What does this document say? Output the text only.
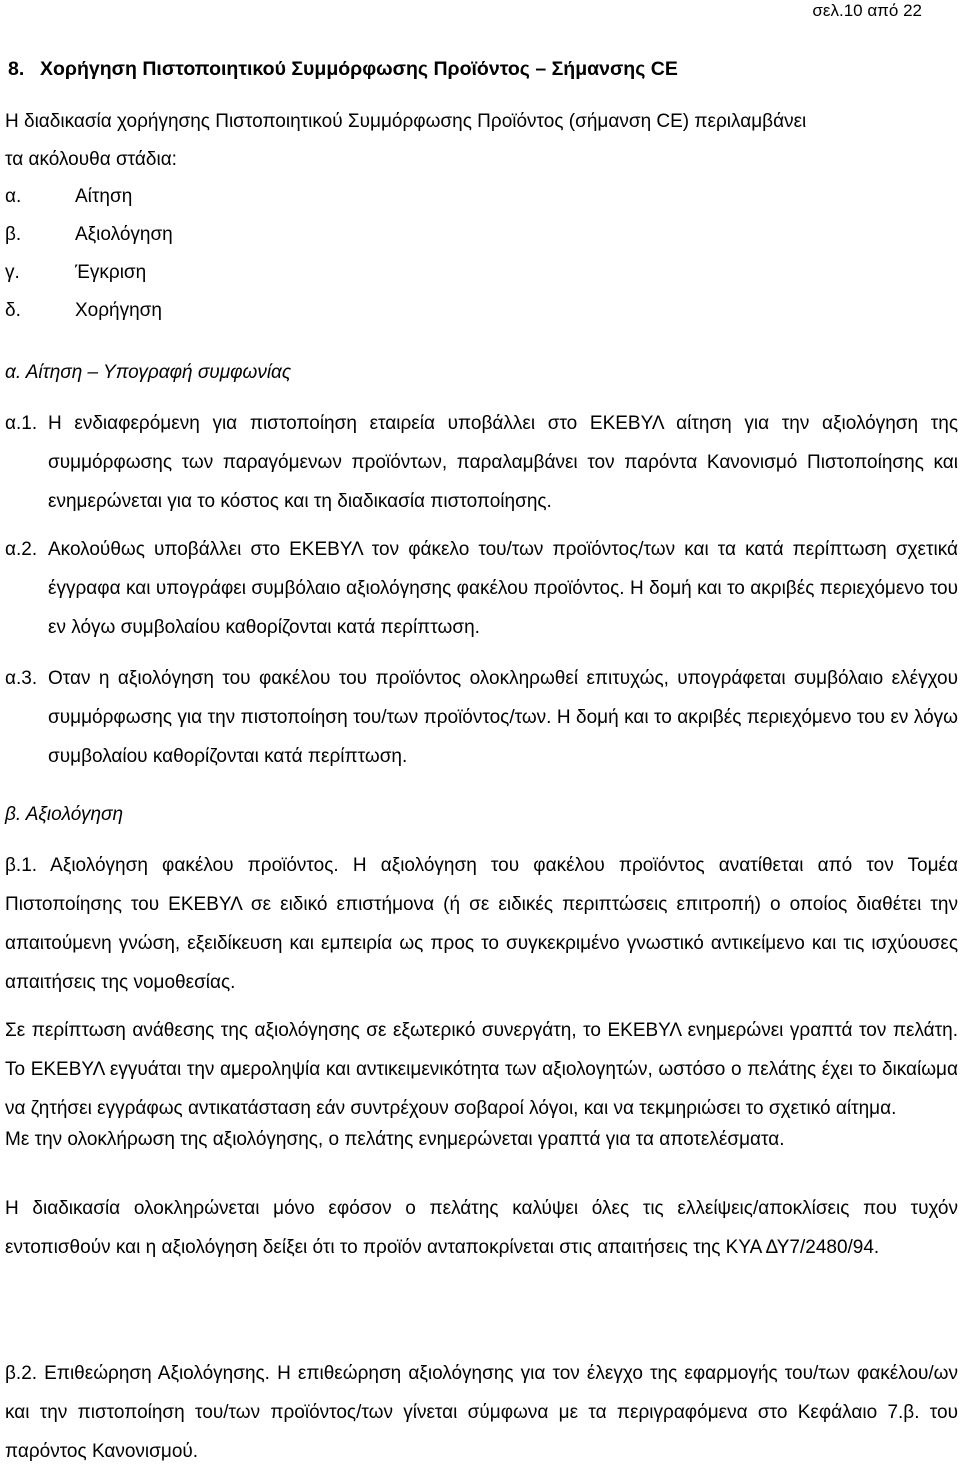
σελ.10 από 22
8. Χορήγηση Πιστοποιητικού Συμμόρφωσης Προϊόντος – Σήμανσης CE
Η διαδικασία χορήγησης Πιστοποιητικού Συμμόρφωσης Προϊόντος (σήμανση CE) περιλαμβάνει
τα ακόλουθα στάδια:
α.	Αίτηση
β.	Αξιολόγηση
γ.	Έγκριση
δ.	Χορήγηση
α. Αίτηση – Υπογραφή συμφωνίας
α.1. Η ενδιαφερόμενη για πιστοποίηση εταιρεία υποβάλλει στο ΕΚΕΒΥΛ αίτηση για την αξιολόγηση της συμμόρφωσης των παραγόμενων προϊόντων, παραλαμβάνει τον παρόντα Κανονισμό Πιστοποίησης και ενημερώνεται για το κόστος και τη διαδικασία πιστοποίησης.

α.2. Ακολούθως υποβάλλει στο ΕΚΕΒΥΛ τον φάκελο του/των προϊόντος/των και τα κατά περίπτωση σχετικά έγγραφα και υπογράφει συμβόλαιο αξιολόγησης φακέλου προϊόντος. Η δομή και το ακριβές περιεχόμενο του εν λόγω συμβολαίου καθορίζονται κατά περίπτωση.

α.3. Οταν η αξιολόγηση του φακέλου του προϊόντος ολοκληρωθεί επιτυχώς, υπογράφεται συμβόλαιο ελέγχου συμμόρφωσης για την πιστοποίηση του/των προϊόντος/των. Η δομή και το ακριβές περιεχόμενο του εν λόγω συμβολαίου καθορίζονται κατά περίπτωση.

β. Αξιολόγηση

β.1. Αξιολόγηση φακέλου προϊόντος. Η αξιολόγηση του φακέλου προϊόντος ανατίθεται από τον Τομέα Πιστοποίησης του ΕΚΕΒΥΛ σε ειδικό επιστήμονα (ή σε ειδικές περιπτώσεις επιτροπή) ο οποίος διαθέτει την απαιτούμενη γνώση, εξειδίκευση και εμπειρία ως προς το συγκεκριμένο γνωστικό αντικείμενο και τις ισχύουσες απαιτήσεις της νομοθεσίας.

Σε περίπτωση ανάθεσης της αξιολόγησης σε εξωτερικό συνεργάτη, το ΕΚΕΒΥΛ ενημερώνει γραπτά τον πελάτη. Το ΕΚΕΒΥΛ εγγυάται την αμεροληψία και αντικειμενικότητα των αξιολογητών, ωστόσο ο πελάτης έχει το δικαίωμα να ζητήσει εγγράφως αντικατάσταση εάν συντρέχουν σοβαροί λόγοι, και να τεκμηριώσει το σχετικό αίτημα.

Με την ολοκλήρωση της αξιολόγησης, ο πελάτης ενημερώνεται γραπτά για τα αποτελέσματα.

Η διαδικασία ολοκληρώνεται μόνο εφόσον ο πελάτης καλύψει όλες τις ελλείψεις/αποκλίσεις που τυχόν εντοπισθούν και η αξιολόγηση δείξει ότι το προϊόν ανταποκρίνεται στις απαιτήσεις της ΚΥΑ ΔΥ7/2480/94.

β.2. Επιθεώρηση Αξιολόγησης. Η επιθεώρηση αξιολόγησης για τον έλεγχο της εφαρμογής του/των φακέλου/ων και την πιστοποίηση του/των προϊόντος/των γίνεται σύμφωνα με τα περιγραφόμενα στο Κεφάλαιο 7.β. του παρόντος Κανονισμού.
